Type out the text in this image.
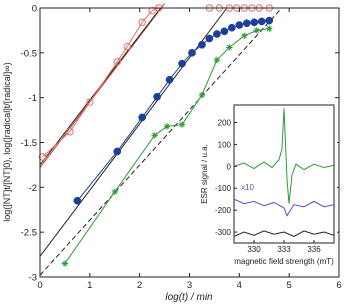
0	1	2	3	4	5	6
-3
-2.5
-2
-1.5
-1
-0.5
0
log(t) / min
log([NT]t/[NT]0), log([radical]t/[radical]∞)
330 333 336
-300
-200
-100
0
100
200
x10
magnetic field strength (mT)
ESR signal / u.a.
